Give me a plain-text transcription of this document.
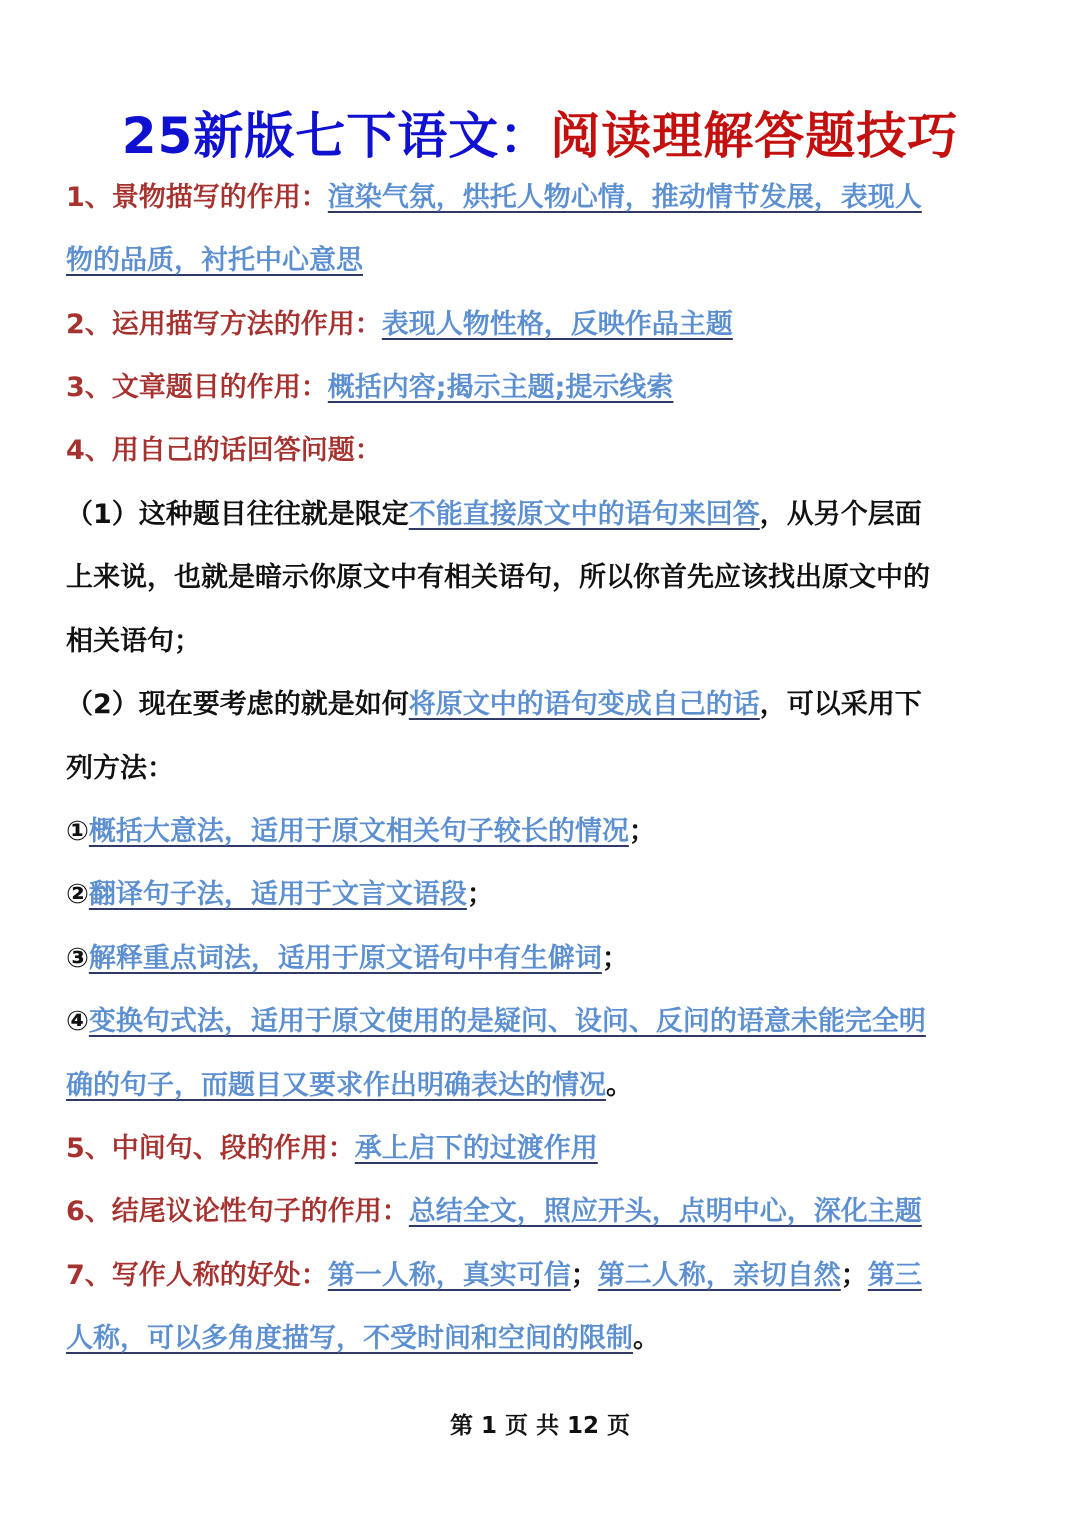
25新版七下语文：阅读理解答题技巧
1、景物描写的作用：渲染气氛，烘托人物心情，推动情节发展，表现人
物的品质，衬托中心意思
2、运用描写方法的作用：表现人物性格，反映作品主题
3、文章题目的作用：概括内容;揭示主题;提示线索
4、用自己的话回答问题：
（1）这种题目往往就是限定不能直接原文中的语句来回答，从另个层面
上来说，也就是暗示你原文中有相关语句，所以你首先应该找出原文中的
相关语句；
（2）现在要考虑的就是如何将原文中的语句变成自己的话，可以采用下
列方法：
①概括大意法，适用于原文相关句子较长的情况；
②翻译句子法，适用于文言文语段；
③解释重点词法，适用于原文语句中有生僻词；
④变换句式法，适用于原文使用的是疑问、设问、反问的语意未能完全明
确的句子，而题目又要求作出明确表达的情况。
5、中间句、段的作用：承上启下的过渡作用
6、结尾议论性句子的作用：总结全文，照应开头，点明中心，深化主题
7、写作人称的好处：第一人称，真实可信；第二人称，亲切自然；第三
人称，可以多角度描写，不受时间和空间的限制。
第 1 页 共 12 页
